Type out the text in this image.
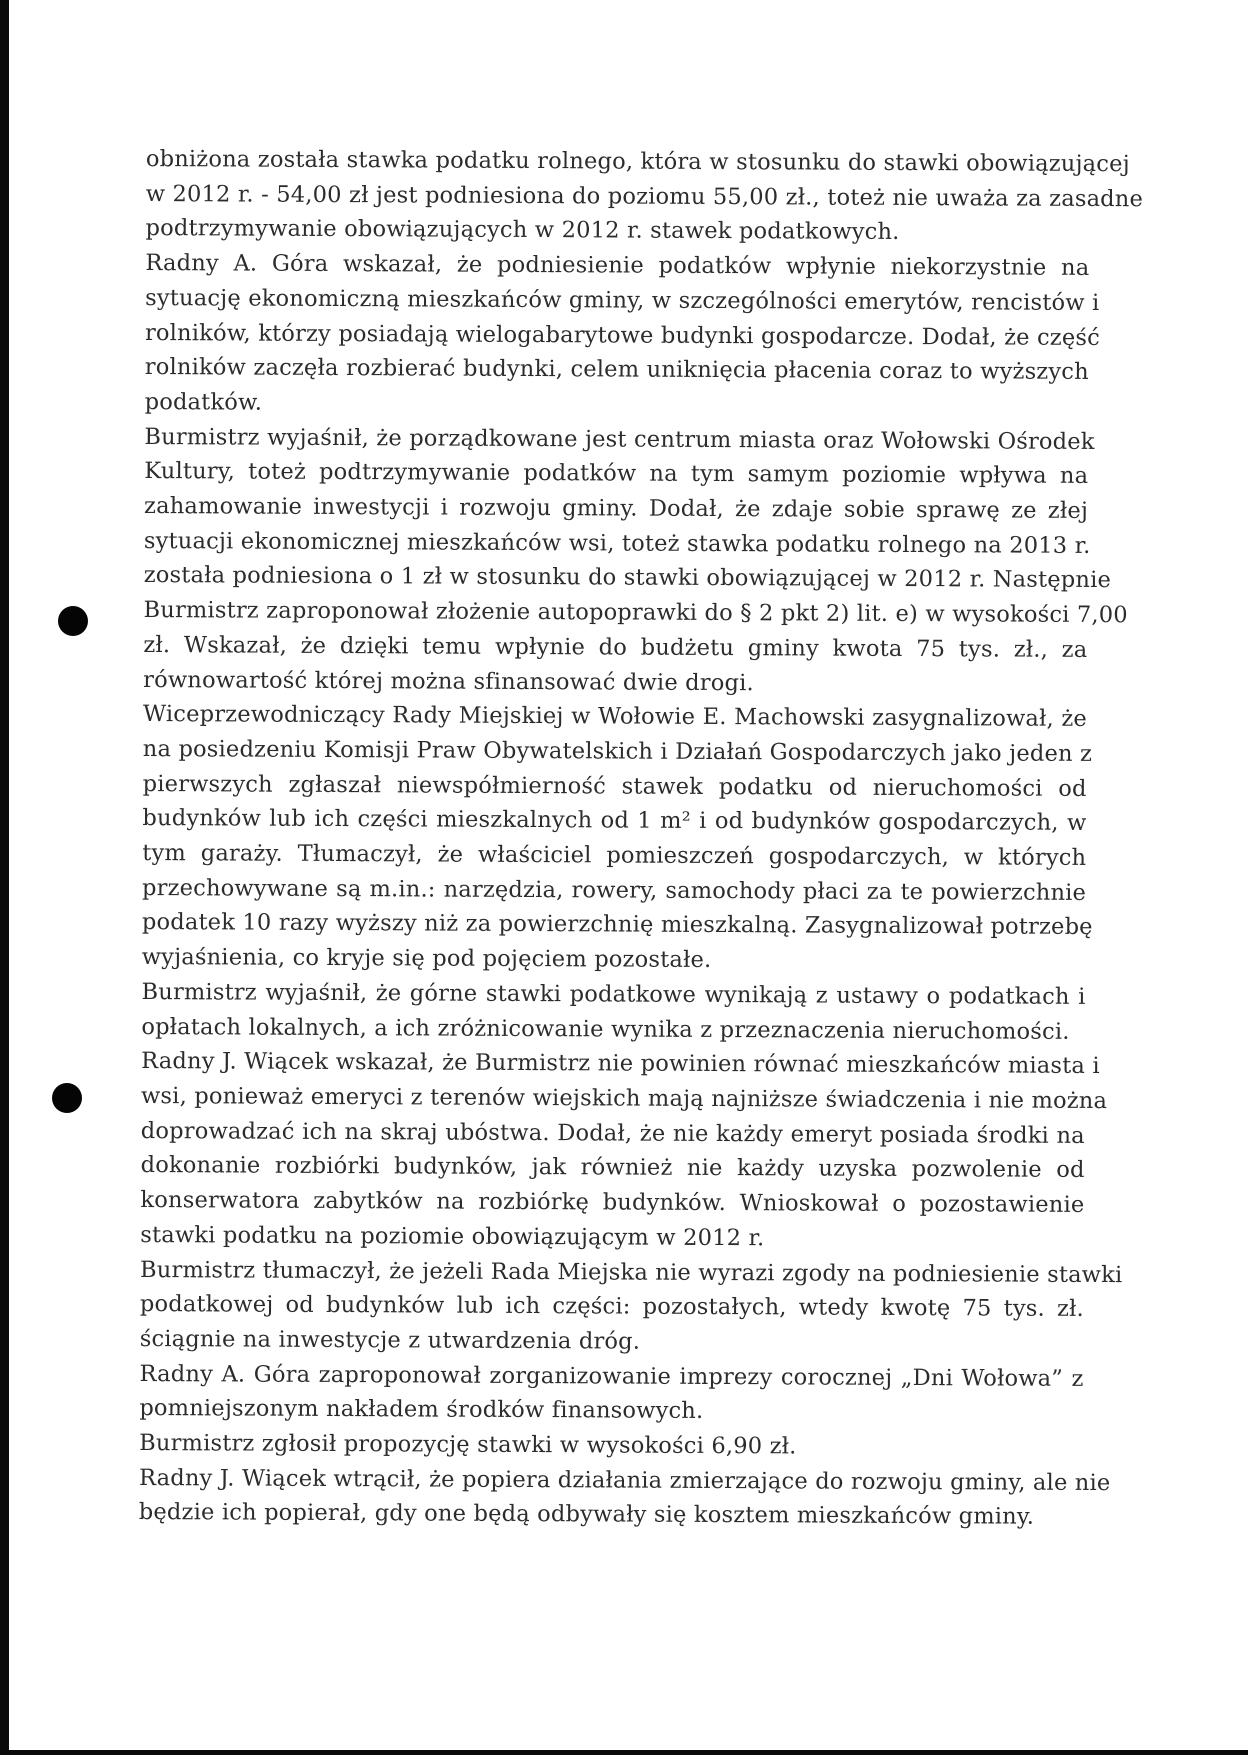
obniżona została stawka podatku rolnego, która w stosunku do stawki obowiązującej
w 2012 r. - 54,00 zł jest podniesiona do poziomu 55,00 zł., toteż nie uważa za zasadne
podtrzymywanie obowiązujących w 2012 r. stawek podatkowych.

Radny A. Góra wskazał, że podniesienie podatków wpłynie niekorzystnie na
sytuację ekonomiczną mieszkańców gminy, w szczególności emerytów, rencistów i
rolników, którzy posiadają wielogabarytowe budynki gospodarcze. Dodał, że część
rolników zaczęła rozbierać budynki, celem uniknięcia płacenia coraz to wyższych
podatków.

Burmistrz wyjaśnił, że porządkowane jest centrum miasta oraz Wołowski Ośrodek
Kultury, toteż podtrzymywanie podatków na tym samym poziomie wpływa na
zahamowanie inwestycji i rozwoju gminy. Dodał, że zdaje sobie sprawę ze złej
sytuacji ekonomicznej mieszkańców wsi, toteż stawka podatku rolnego na 2013 r.
została podniesiona o 1 zł w stosunku do stawki obowiązującej w 2012 r. Następnie
Burmistrz zaproponował złożenie autopoprawki do § 2 pkt 2) lit. e) w wysokości 7,00
zł. Wskazał, że dzięki temu wpłynie do budżetu gminy kwota 75 tys. zł., za
równowartość której można sfinansować dwie drogi.

Wiceprzewodniczący Rady Miejskiej w Wołowie E. Machowski zasygnalizował, że
na posiedzeniu Komisji Praw Obywatelskich i Działań Gospodarczych jako jeden z
pierwszych zgłaszał niewspółmierność stawek podatku od nieruchomości od
budynków lub ich części mieszkalnych od 1 m² i od budynków gospodarczych, w
tym garaży. Tłumaczył, że właściciel pomieszczeń gospodarczych, w których
przechowywane są m.in.: narzędzia, rowery, samochody płaci za te powierzchnie
podatek 10 razy wyższy niż za powierzchnię mieszkalną. Zasygnalizował potrzebę
wyjaśnienia, co kryje się pod pojęciem pozostałe.

Burmistrz wyjaśnił, że górne stawki podatkowe wynikają z ustawy o podatkach i
opłatach lokalnych, a ich zróżnicowanie wynika z przeznaczenia nieruchomości.

Radny J. Wiącek wskazał, że Burmistrz nie powinien równać mieszkańców miasta i
wsi, ponieważ emeryci z terenów wiejskich mają najniższe świadczenia i nie można
doprowadzać ich na skraj ubóstwa. Dodał, że nie każdy emeryt posiada środki na
dokonanie rozbiórki budynków, jak również nie każdy uzyska pozwolenie od
konserwatora zabytków na rozbiórkę budynków. Wnioskował o pozostawienie
stawki podatku na poziomie obowiązującym w 2012 r.

Burmistrz tłumaczył, że jeżeli Rada Miejska nie wyrazi zgody na podniesienie stawki
podatkowej od budynków lub ich części: pozostałych, wtedy kwotę 75 tys. zł.
ściągnie na inwestycje z utwardzenia dróg.

Radny A. Góra zaproponował zorganizowanie imprezy corocznej „Dni Wołowa” z
pomniejszonym nakładem środków finansowych.

Burmistrz zgłosił propozycję stawki w wysokości 6,90 zł.

Radny J. Wiącek wtrącił, że popiera działania zmierzające do rozwoju gminy, ale nie
będzie ich popierał, gdy one będą odbywały się kosztem mieszkańców gminy.
